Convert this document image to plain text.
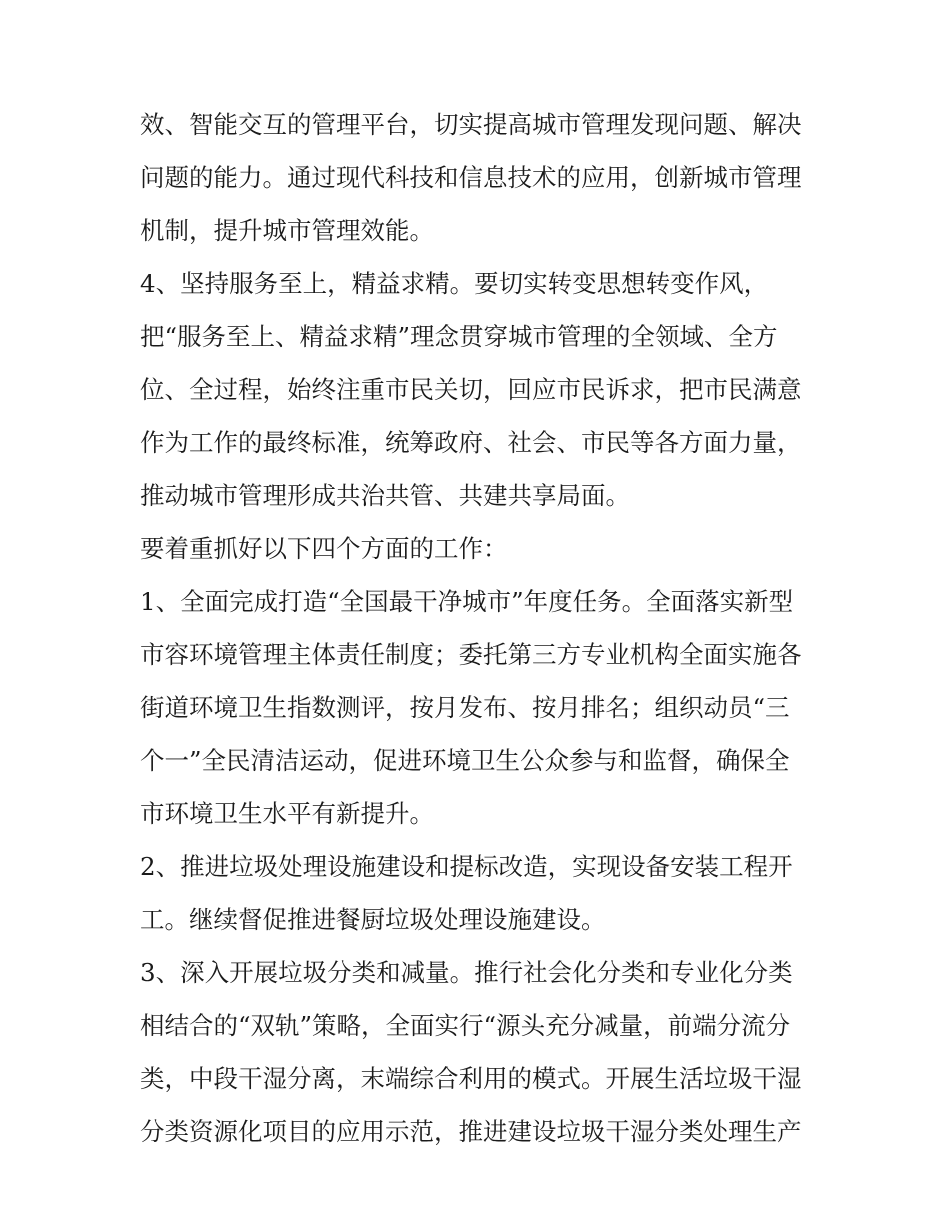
效、智能交互的管理平台，切实提高城市管理发现问题、解决
问题的能力。通过现代科技和信息技术的应用，创新城市管理
机制，提升城市管理效能。
4、坚持服务至上，精益求精。要切实转变思想转变作风，
把“服务至上、精益求精”理念贯穿城市管理的全领域、全方
位、全过程，始终注重市民关切，回应市民诉求，把市民满意
作为工作的最终标准，统筹政府、社会、市民等各方面力量，
推动城市管理形成共治共管、共建共享局面。
要着重抓好以下四个方面的工作：
1、全面完成打造“全国最干净城市”年度任务。全面落实新型
市容环境管理主体责任制度；委托第三方专业机构全面实施各
街道环境卫生指数测评，按月发布、按月排名；组织动员“三
个一”全民清洁运动，促进环境卫生公众参与和监督，确保全
市环境卫生水平有新提升。
2、推进垃圾处理设施建设和提标改造，实现设备安装工程开
工。继续督促推进餐厨垃圾处理设施建设。
3、深入开展垃圾分类和减量。推行社会化分类和专业化分类
相结合的“双轨”策略，全面实行“源头充分减量，前端分流分
类，中段干湿分离，末端综合利用的模式。开展生活垃圾干湿
分类资源化项目的应用示范，推进建设垃圾干湿分类处理生产
